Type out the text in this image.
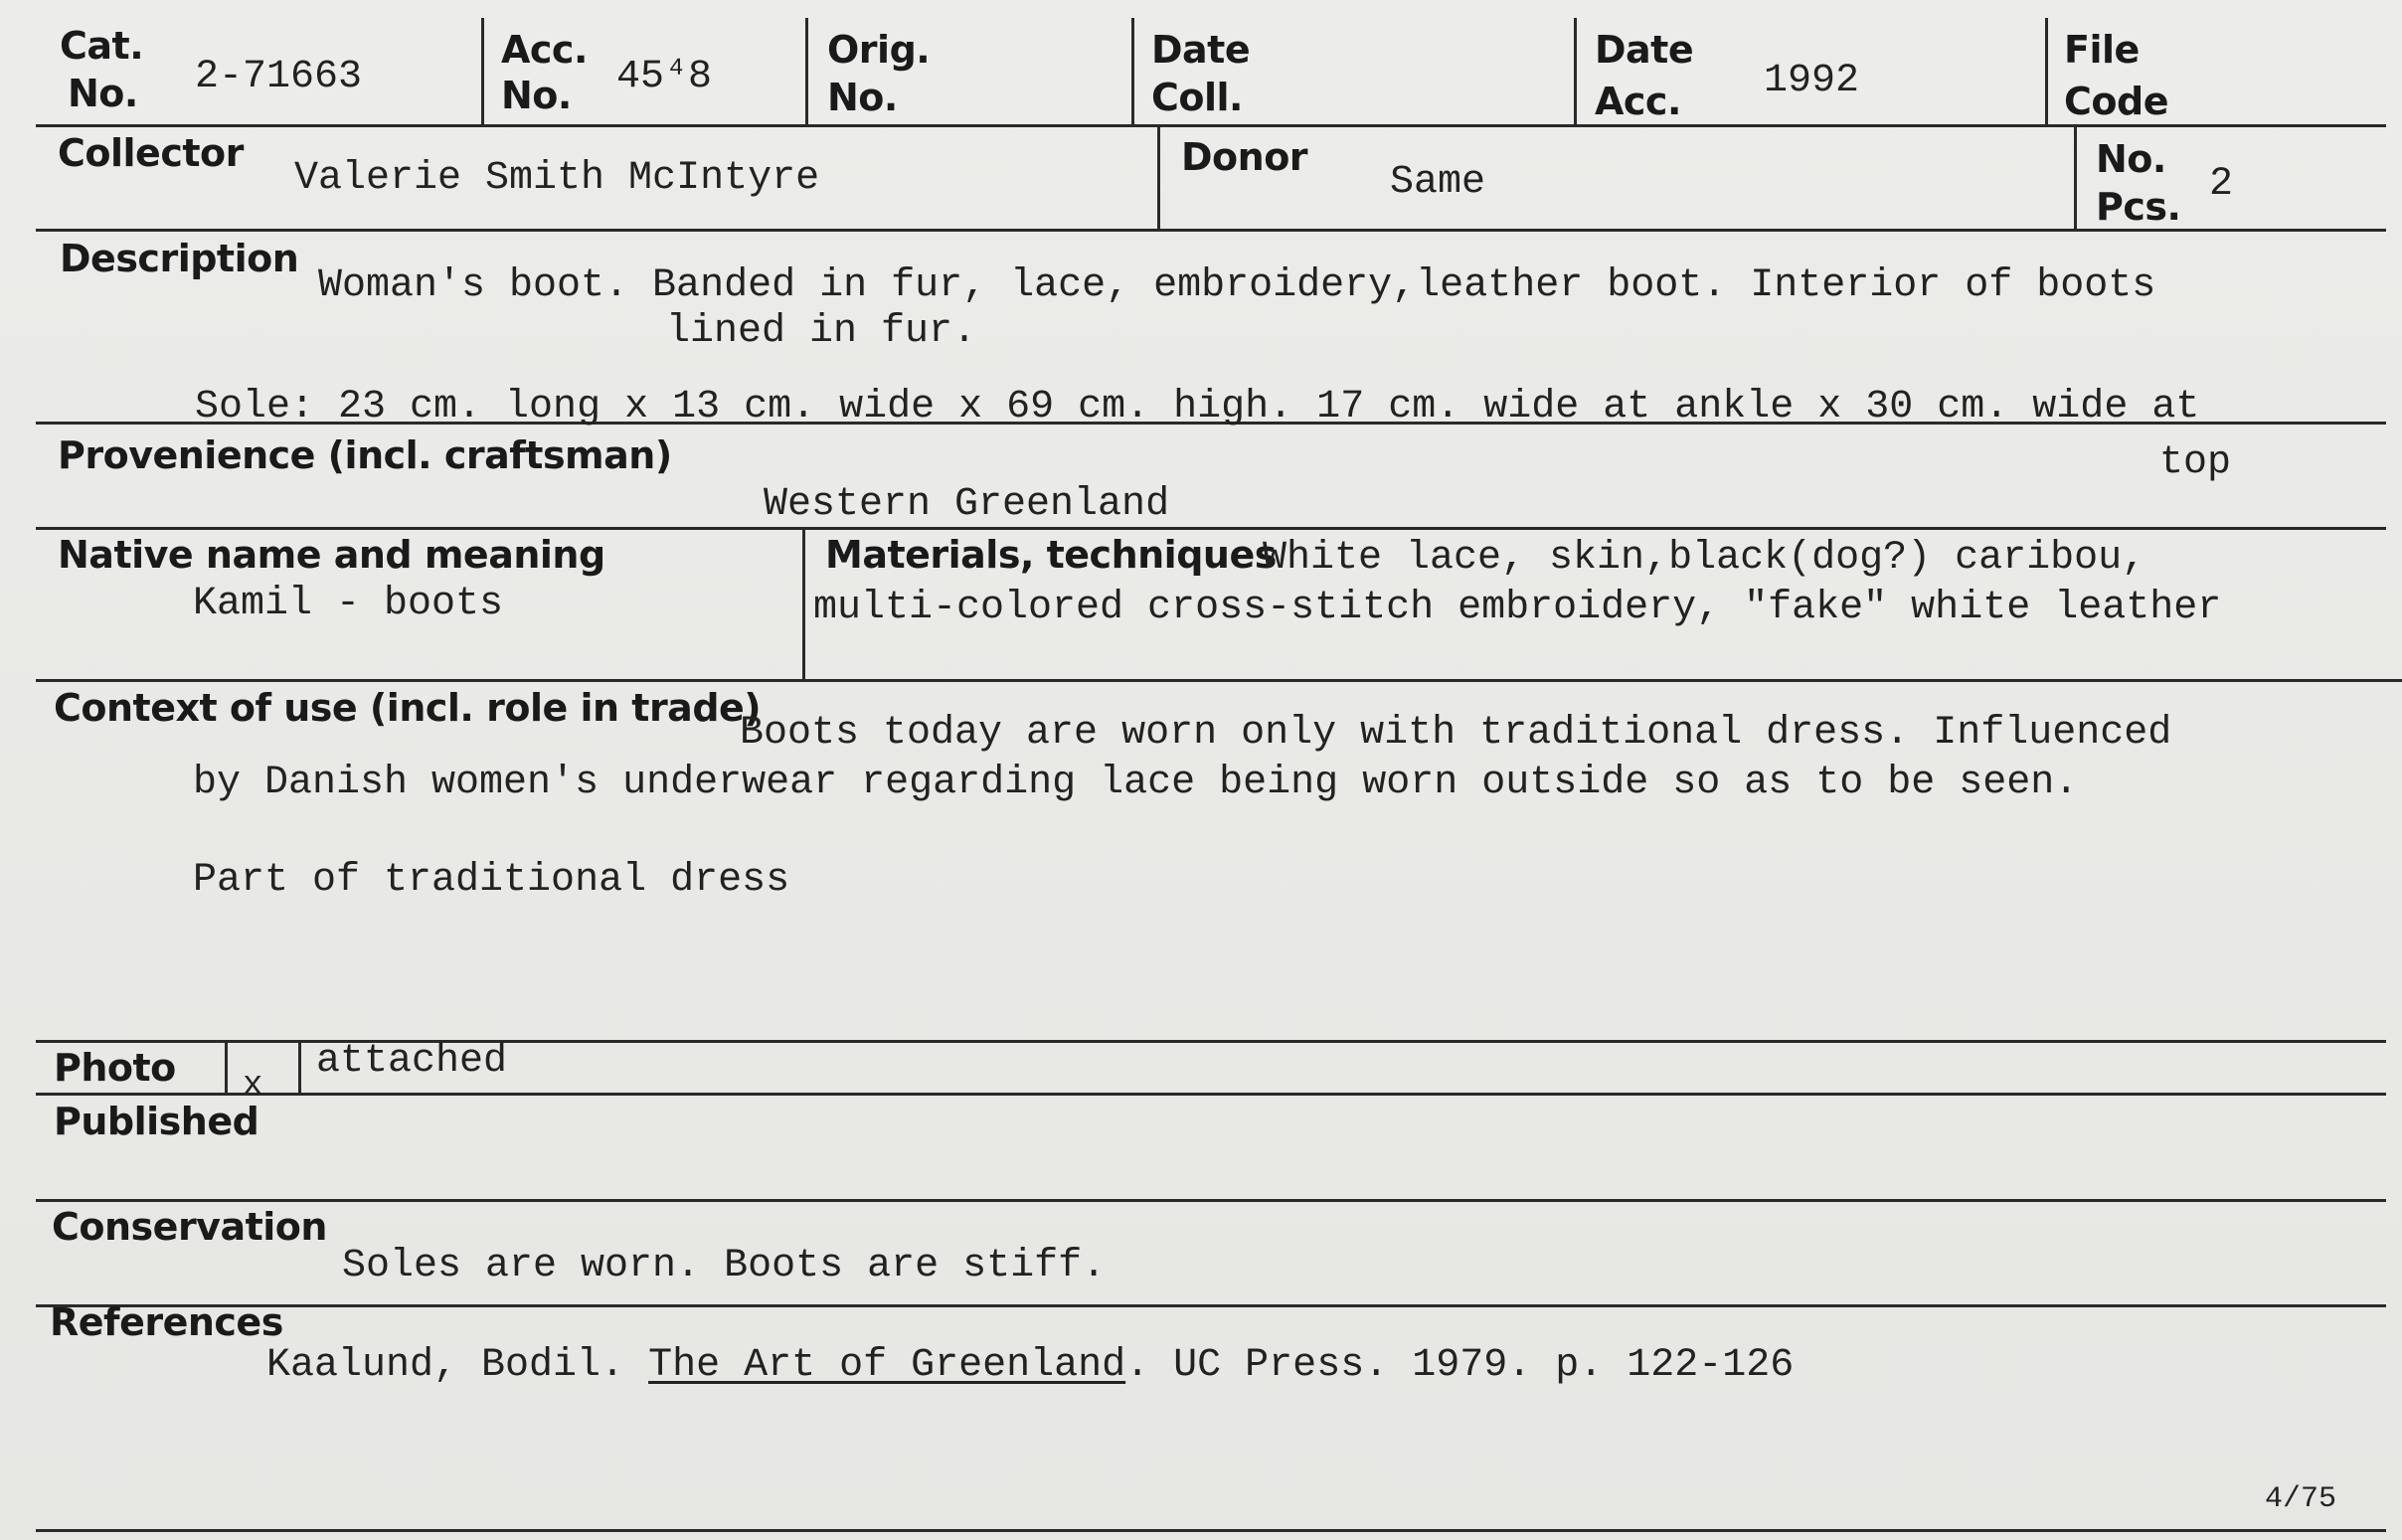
Cat.
No. 2-71663
Acc.
No. 45⁴8
Orig.
No.
Date
Coll.
Date
Acc. 1992
File
Code
Collector
Valerie Smith McIntyre	Donor
Same
No.
Pcs. 2
Description
Woman's boot. Banded in fur, lace, embroidery,leather boot. Interior of boots
lined in fur.
Sole: 23 cm. long x 13 cm. wide x 69 cm. high. 17 cm. wide at ankle x 30 cm. wide at
Provenience (incl. craftsman)	top
Western Greenland
Native name and meaning
Kamil - boots
Materials, techniques
White lace, skin,black(dog?) caribou,
multi-colored cross-stitch embroidery, "fake" white leather
Context of use (incl. role in trade)
Boots today are worn only with traditional dress. Influenced
by Danish women's underwear regarding lace being worn outside so as to be seen.
Part of traditional dress
Photo x
attached
Published
Conservation
Soles are worn. Boots are stiff.
References
Kaalund, Bodil. The Art of Greenland. UC Press. 1979. p. 122-126
4/75
